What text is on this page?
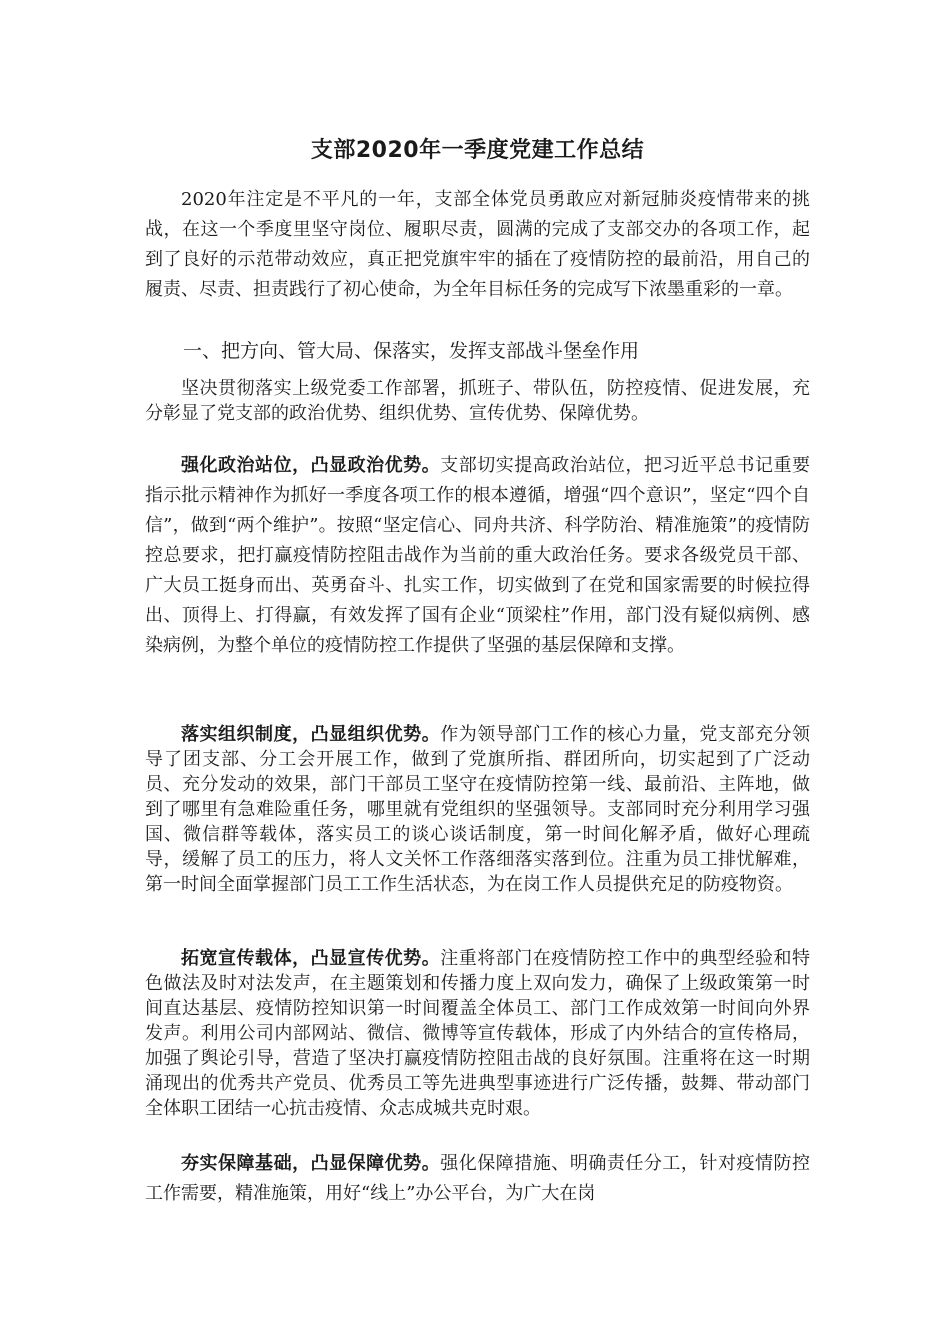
支部2020年一季度党建工作总结

2020年注定是不平凡的一年，支部全体党员勇敢应对新冠肺炎疫情带来的挑战，在这一个季度里坚守岗位、履职尽责，圆满的完成了支部交办的各项工作，起到了良好的示范带动效应，真正把党旗牢牢的插在了疫情防控的最前沿，用自己的履责、尽责、担责践行了初心使命，为全年目标任务的完成写下浓墨重彩的一章。

一、把方向、管大局、保落实，发挥支部战斗堡垒作用

坚决贯彻落实上级党委工作部署，抓班子、带队伍，防控疫情、促进发展，充分彰显了党支部的政治优势、组织优势、宣传优势、保障优势。

强化政治站位，凸显政治优势。支部切实提高政治站位，把习近平总书记重要指示批示精神作为抓好一季度各项工作的根本遵循，增强“四个意识”，坚定“四个自信”，做到“两个维护”。按照“坚定信心、同舟共济、科学防治、精准施策”的疫情防控总要求，把打赢疫情防控阻击战作为当前的重大政治任务。要求各级党员干部、广大员工挺身而出、英勇奋斗、扎实工作，切实做到了在党和国家需要的时候拉得出、顶得上、打得赢，有效发挥了国有企业“顶梁柱”作用，部门没有疑似病例、感染病例，为整个单位的疫情防控工作提供了坚强的基层保障和支撑。

落实组织制度，凸显组织优势。作为领导部门工作的核心力量，党支部充分领导了团支部、分工会开展工作，做到了党旗所指、群团所向，切实起到了广泛动员、充分发动的效果，部门干部员工坚守在疫情防控第一线、最前沿、主阵地，做到了哪里有急难险重任务，哪里就有党组织的坚强领导。支部同时充分利用学习强国、微信群等载体，落实员工的谈心谈话制度，第一时间化解矛盾，做好心理疏导，缓解了员工的压力，将人文关怀工作落细落实落到位。注重为员工排忧解难，第一时间全面掌握部门员工工作生活状态，为在岗工作人员提供充足的防疫物资。

拓宽宣传载体，凸显宣传优势。注重将部门在疫情防控工作中的典型经验和特色做法及时对法发声，在主题策划和传播力度上双向发力，确保了上级政策第一时间直达基层、疫情防控知识第一时间覆盖全体员工、部门工作成效第一时间向外界发声。利用公司内部网站、微信、微博等宣传载体，形成了内外结合的宣传格局，加强了舆论引导，营造了坚决打赢疫情防控阻击战的良好氛围。注重将在这一时期涌现出的优秀共产党员、优秀员工等先进典型事迹进行广泛传播，鼓舞、带动部门全体职工团结一心抗击疫情、众志成城共克时艰。

夯实保障基础，凸显保障优势。强化保障措施、明确责任分工，针对疫情防控工作需要，精准施策，用好“线上”办公平台，为广大在岗
